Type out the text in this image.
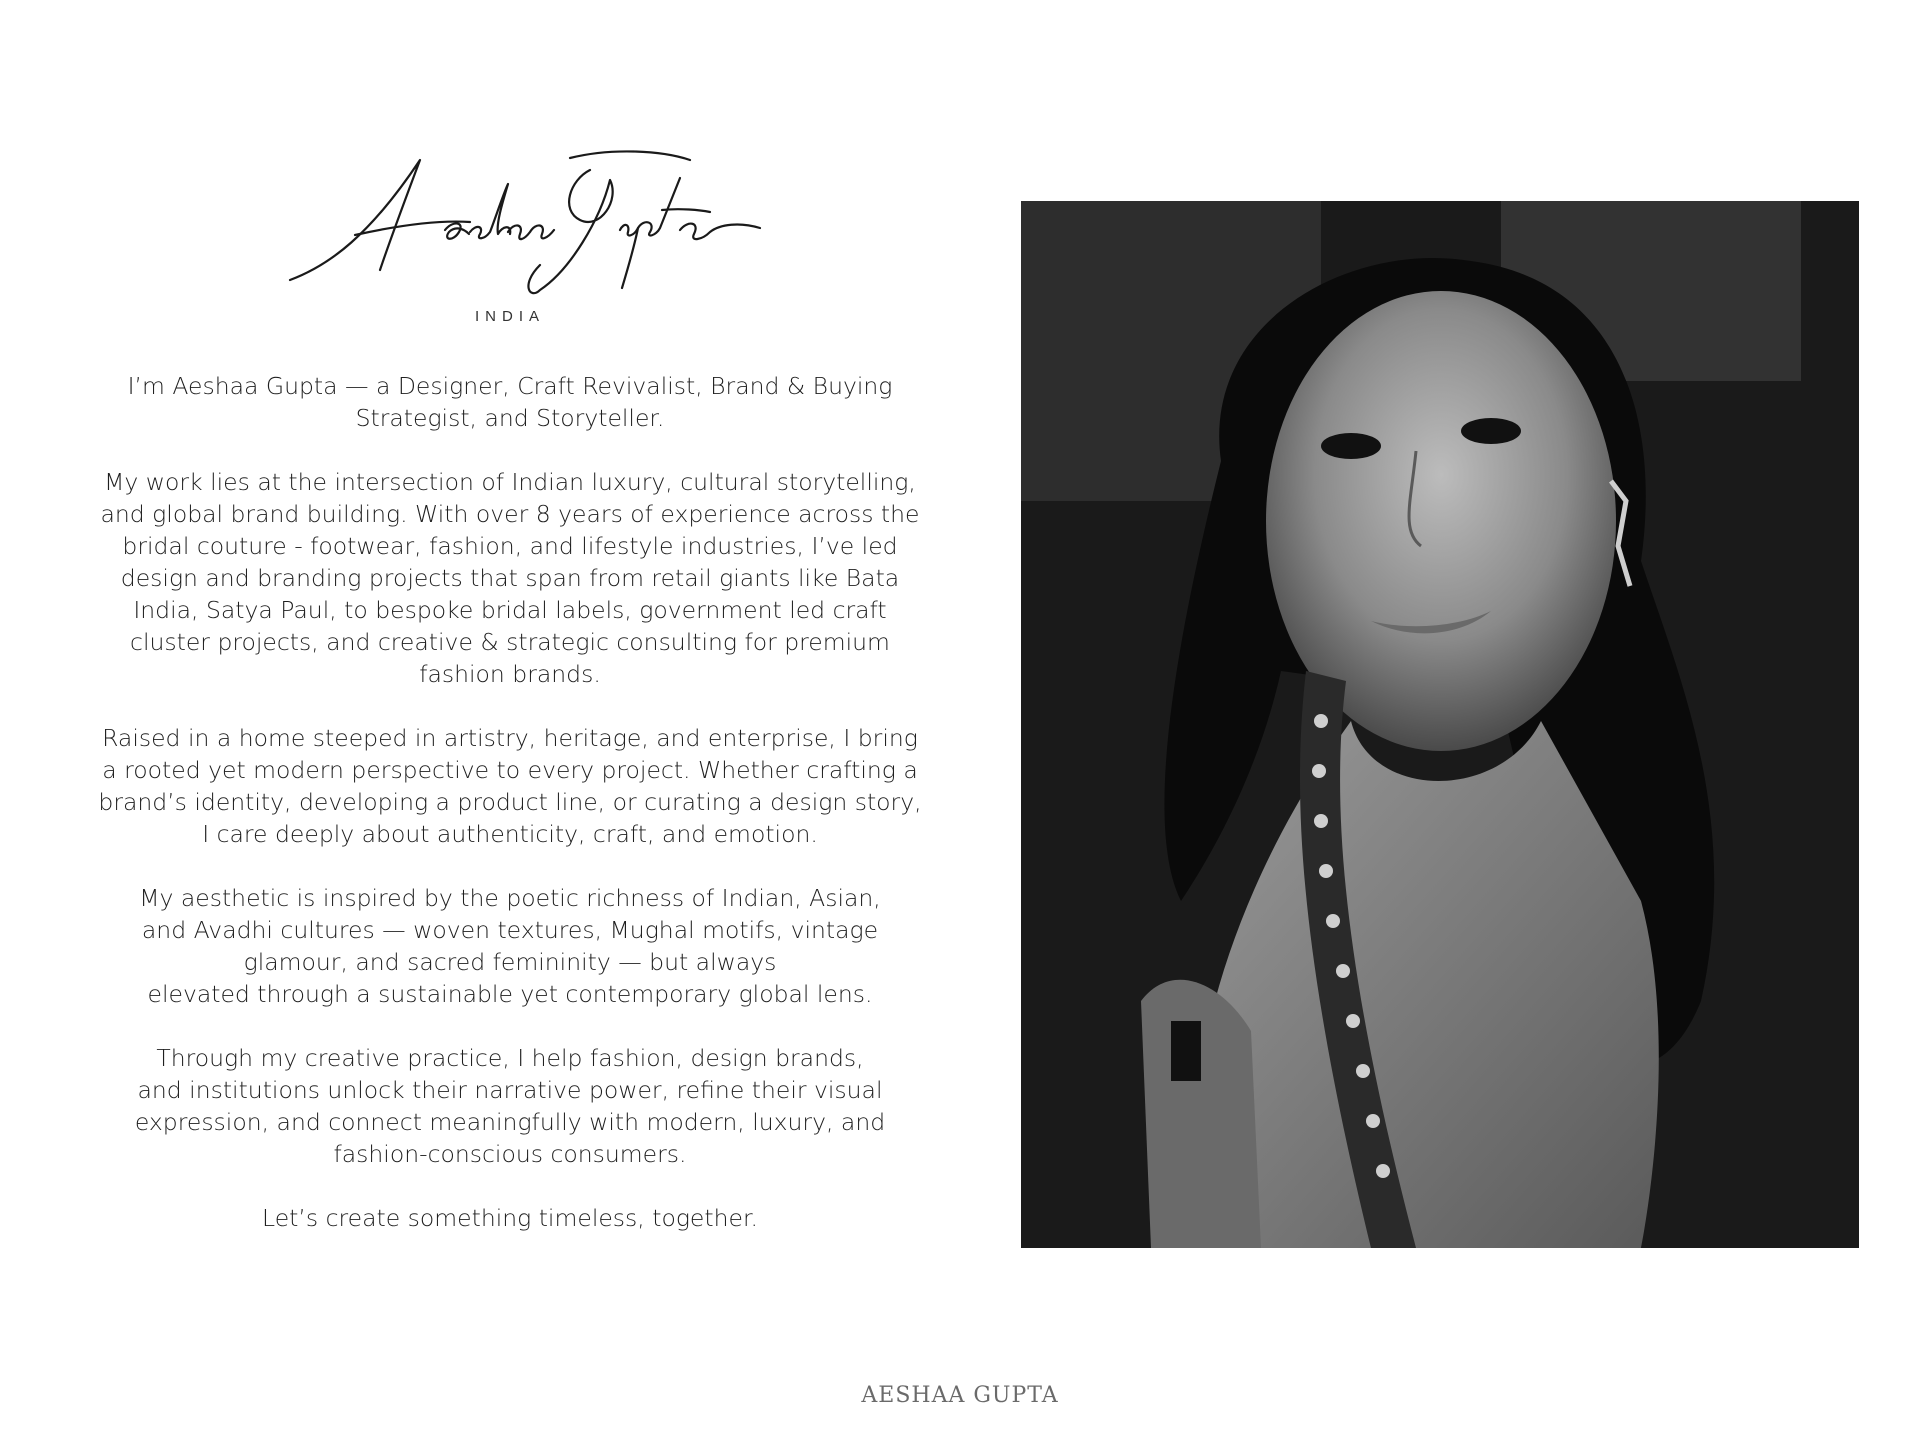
INDIA

I’m Aeshaa Gupta — a Designer, Craft Revivalist, Brand & Buying
Strategist, and Storyteller.

My work lies at the intersection of Indian luxury, cultural storytelling,
and global brand building. With over 8 years of experience across the
bridal couture - footwear, fashion, and lifestyle industries, I’ve led
design and branding projects that span from retail giants like Bata
India, Satya Paul, to bespoke bridal labels, government led craft
cluster projects, and creative & strategic consulting for premium
fashion brands.

Raised in a home steeped in artistry, heritage, and enterprise, I bring
a rooted yet modern perspective to every project. Whether crafting a
brand’s identity, developing a product line, or curating a design story,
I care deeply about authenticity, craft, and emotion.

My aesthetic is inspired by the poetic richness of Indian, Asian,
and Avadhi cultures — woven textures, Mughal motifs, vintage
glamour, and sacred femininity — but always
elevated through a sustainable yet contemporary global lens.

Through my creative practice, I help fashion, design brands,
and institutions unlock their narrative power, refine their visual
expression, and connect meaningfully with modern, luxury, and
fashion-conscious consumers.

Let’s create something timeless, together.

AESHAA GUPTA
